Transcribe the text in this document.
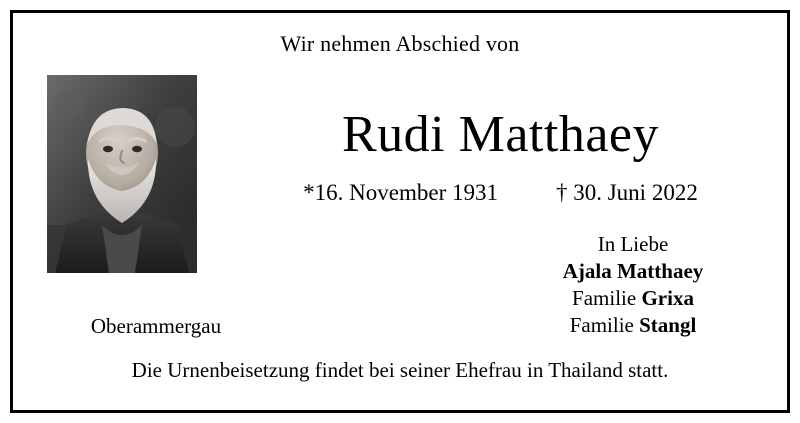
Wir nehmen Abschied von
Rudi Matthaey
*16. November 1931	† 30. Juni 2022
In Liebe
Ajala Matthaey
Familie Grixa
Familie Stangl
Oberammergau
Die Urnenbeisetzung findet bei seiner Ehefrau in Thailand statt.
